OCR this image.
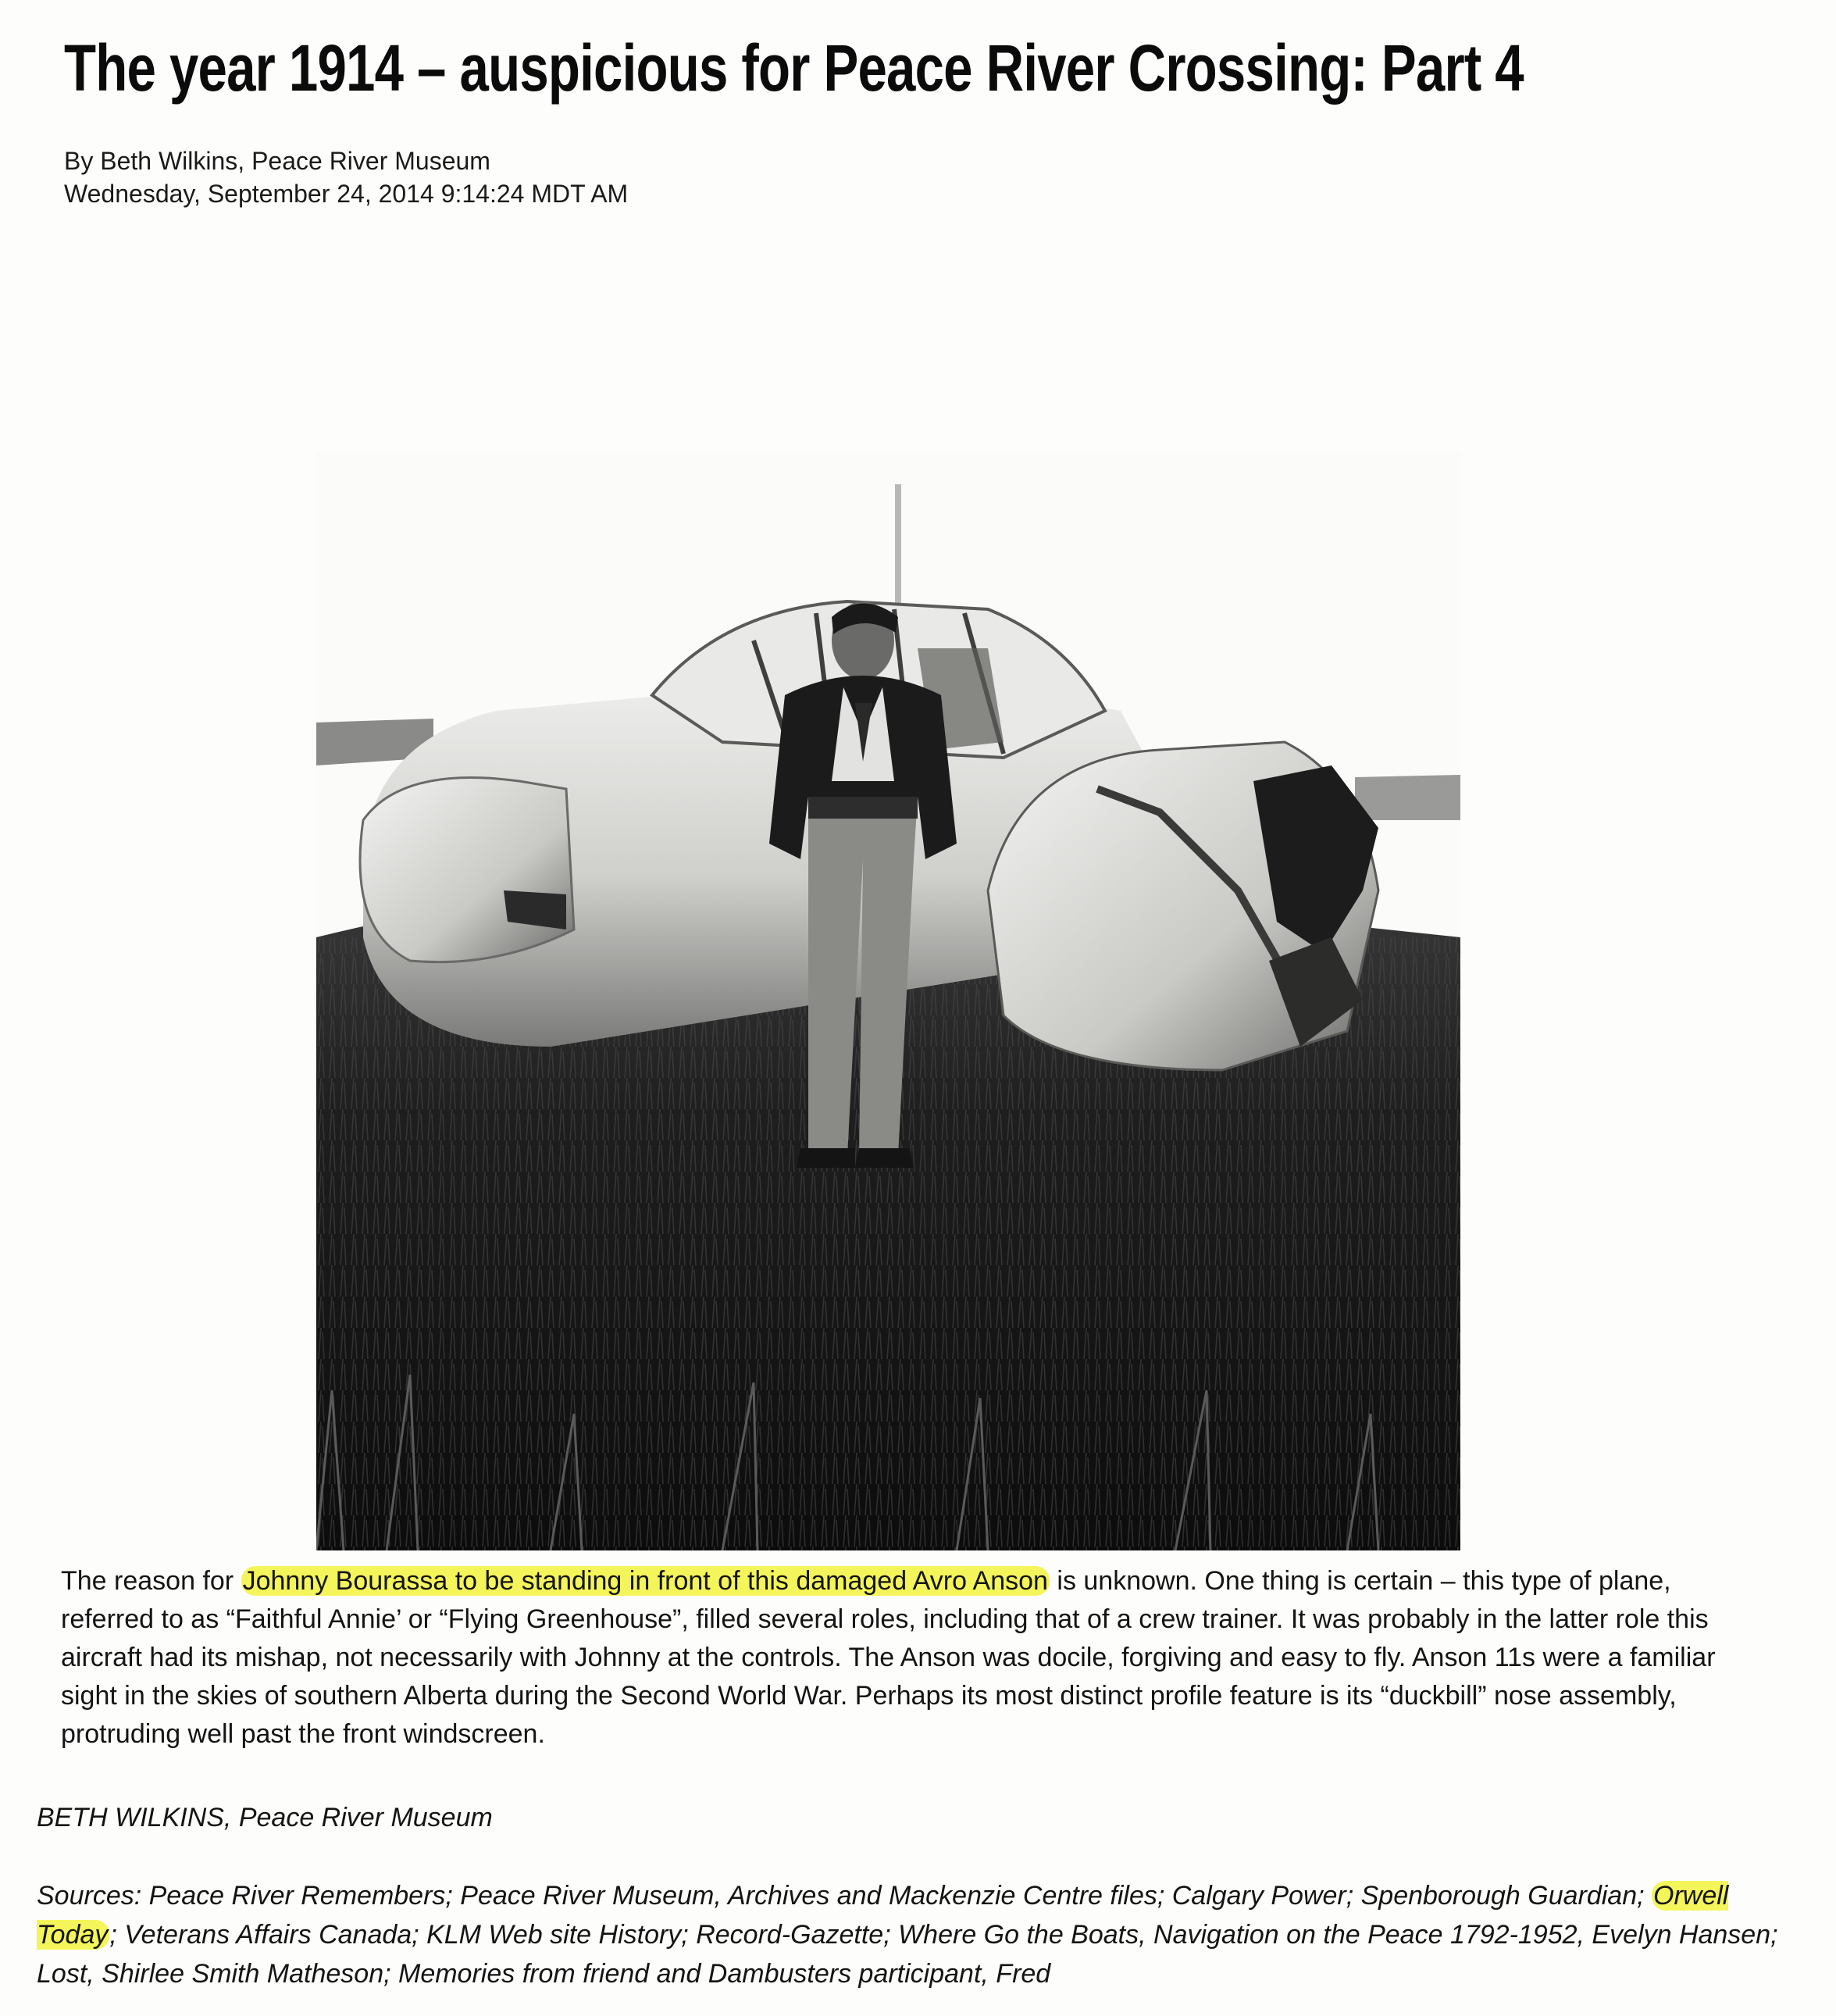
The year 1914 – auspicious for Peace River Crossing: Part 4
By Beth Wilkins, Peace River Museum
Wednesday, September 24, 2014 9:14:24 MDT AM

The reason for Johnny Bourassa to be standing in front of this damaged Avro Anson is unknown. One thing is certain – this type of plane, referred to as “Faithful Annie’ or “Flying Greenhouse”, filled several roles, including that of a crew trainer. It was probably in the latter role this aircraft had its mishap, not necessarily with Johnny at the controls. The Anson was docile, forgiving and easy to fly. Anson 11s were a familiar sight in the skies of southern Alberta during the Second World War. Perhaps its most distinct profile feature is its “duckbill” nose assembly, protruding well past the front windscreen.

BETH WILKINS, Peace River Museum

Sources: Peace River Remembers; Peace River Museum, Archives and Mackenzie Centre files; Calgary Power; Spenborough Guardian; Orwell Today; Veterans Affairs Canada; KLM Web site History; Record-Gazette; Where Go the Boats, Navigation on the Peace 1792-1952, Evelyn Hansen; Lost, Shirlee Smith Matheson; Memories from friend and Dambusters participant, Fred
